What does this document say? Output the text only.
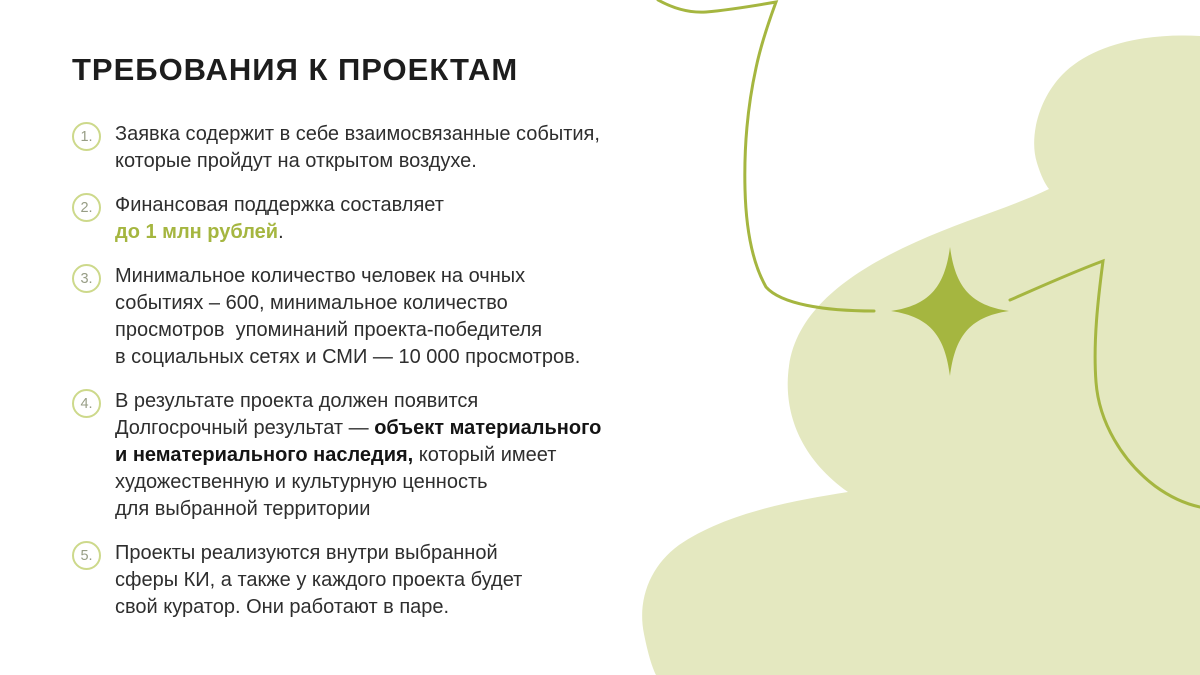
ТРЕБОВАНИЯ К ПРОЕКТАМ
1.	Заявка содержит в себе взаимосвязанные события,
которые пройдут на открытом воздухе.
2.	Финансовая поддержка составляет
до 1 млн рублей.
3.	Минимальное количество человек на очных
событиях – 600, минимальное количество
просмотров  упоминаний проекта-победителя
в социальных сетях и СМИ — 10 000 просмотров.
4.	В результате проекта должен появится
Долгосрочный результат — объект материального
и нематериального наследия, который имеет
художественную и культурную ценность
для выбранной территории
5.	Проекты реализуются внутри выбранной
сферы КИ, а также у каждого проекта будет
свой куратор. Они работают в паре.
